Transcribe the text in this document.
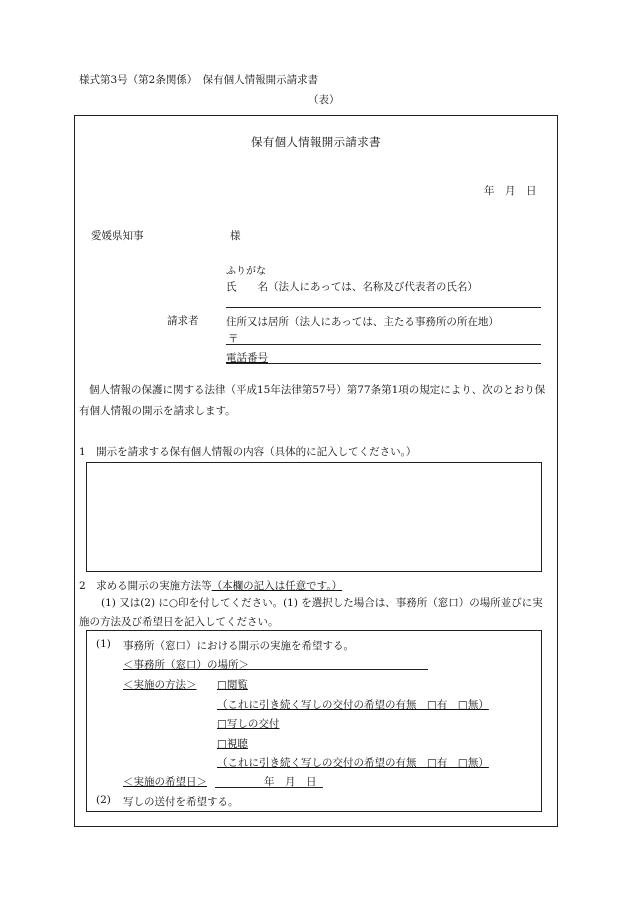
様式第3号（第2条関係）　保有個人情報開示請求書
（表）
保有個人情報開示請求書
年　月　日
愛媛県知事	様
ふりがな
氏　　名（法人にあっては、名称及び代表者の氏名）
請求者	住所又は居所（法人にあっては、主たる事務所の所在地）
〒
電話番号
個人情報の保護に関する法律（平成15年法律第57号）第77条第1項の規定により、次のとおり保有個人情報の開示を請求します。
1　開示を請求する保有個人情報の内容（具体的に記入してください。）
2　求める開示の実施方法等（本欄の記入は任意です。）
(1) 又は(2) に○印を付してください。(1) を選択した場合は、事務所（窓口）の場所並びに実施の方法及び希望日を記入してください。
(1) 事務所（窓口）における開示の実施を希望する。
＜事務所（窓口）の場所＞
＜実施の方法＞ □閲覧
（これに引き続く写しの交付の希望の有無　□有　□無）
□写しの交付
□視聴
（これに引き続く写しの交付の希望の有無　□有　□無）
＜実施の希望日＞	年　月　日
(2) 写しの送付を希望する。
